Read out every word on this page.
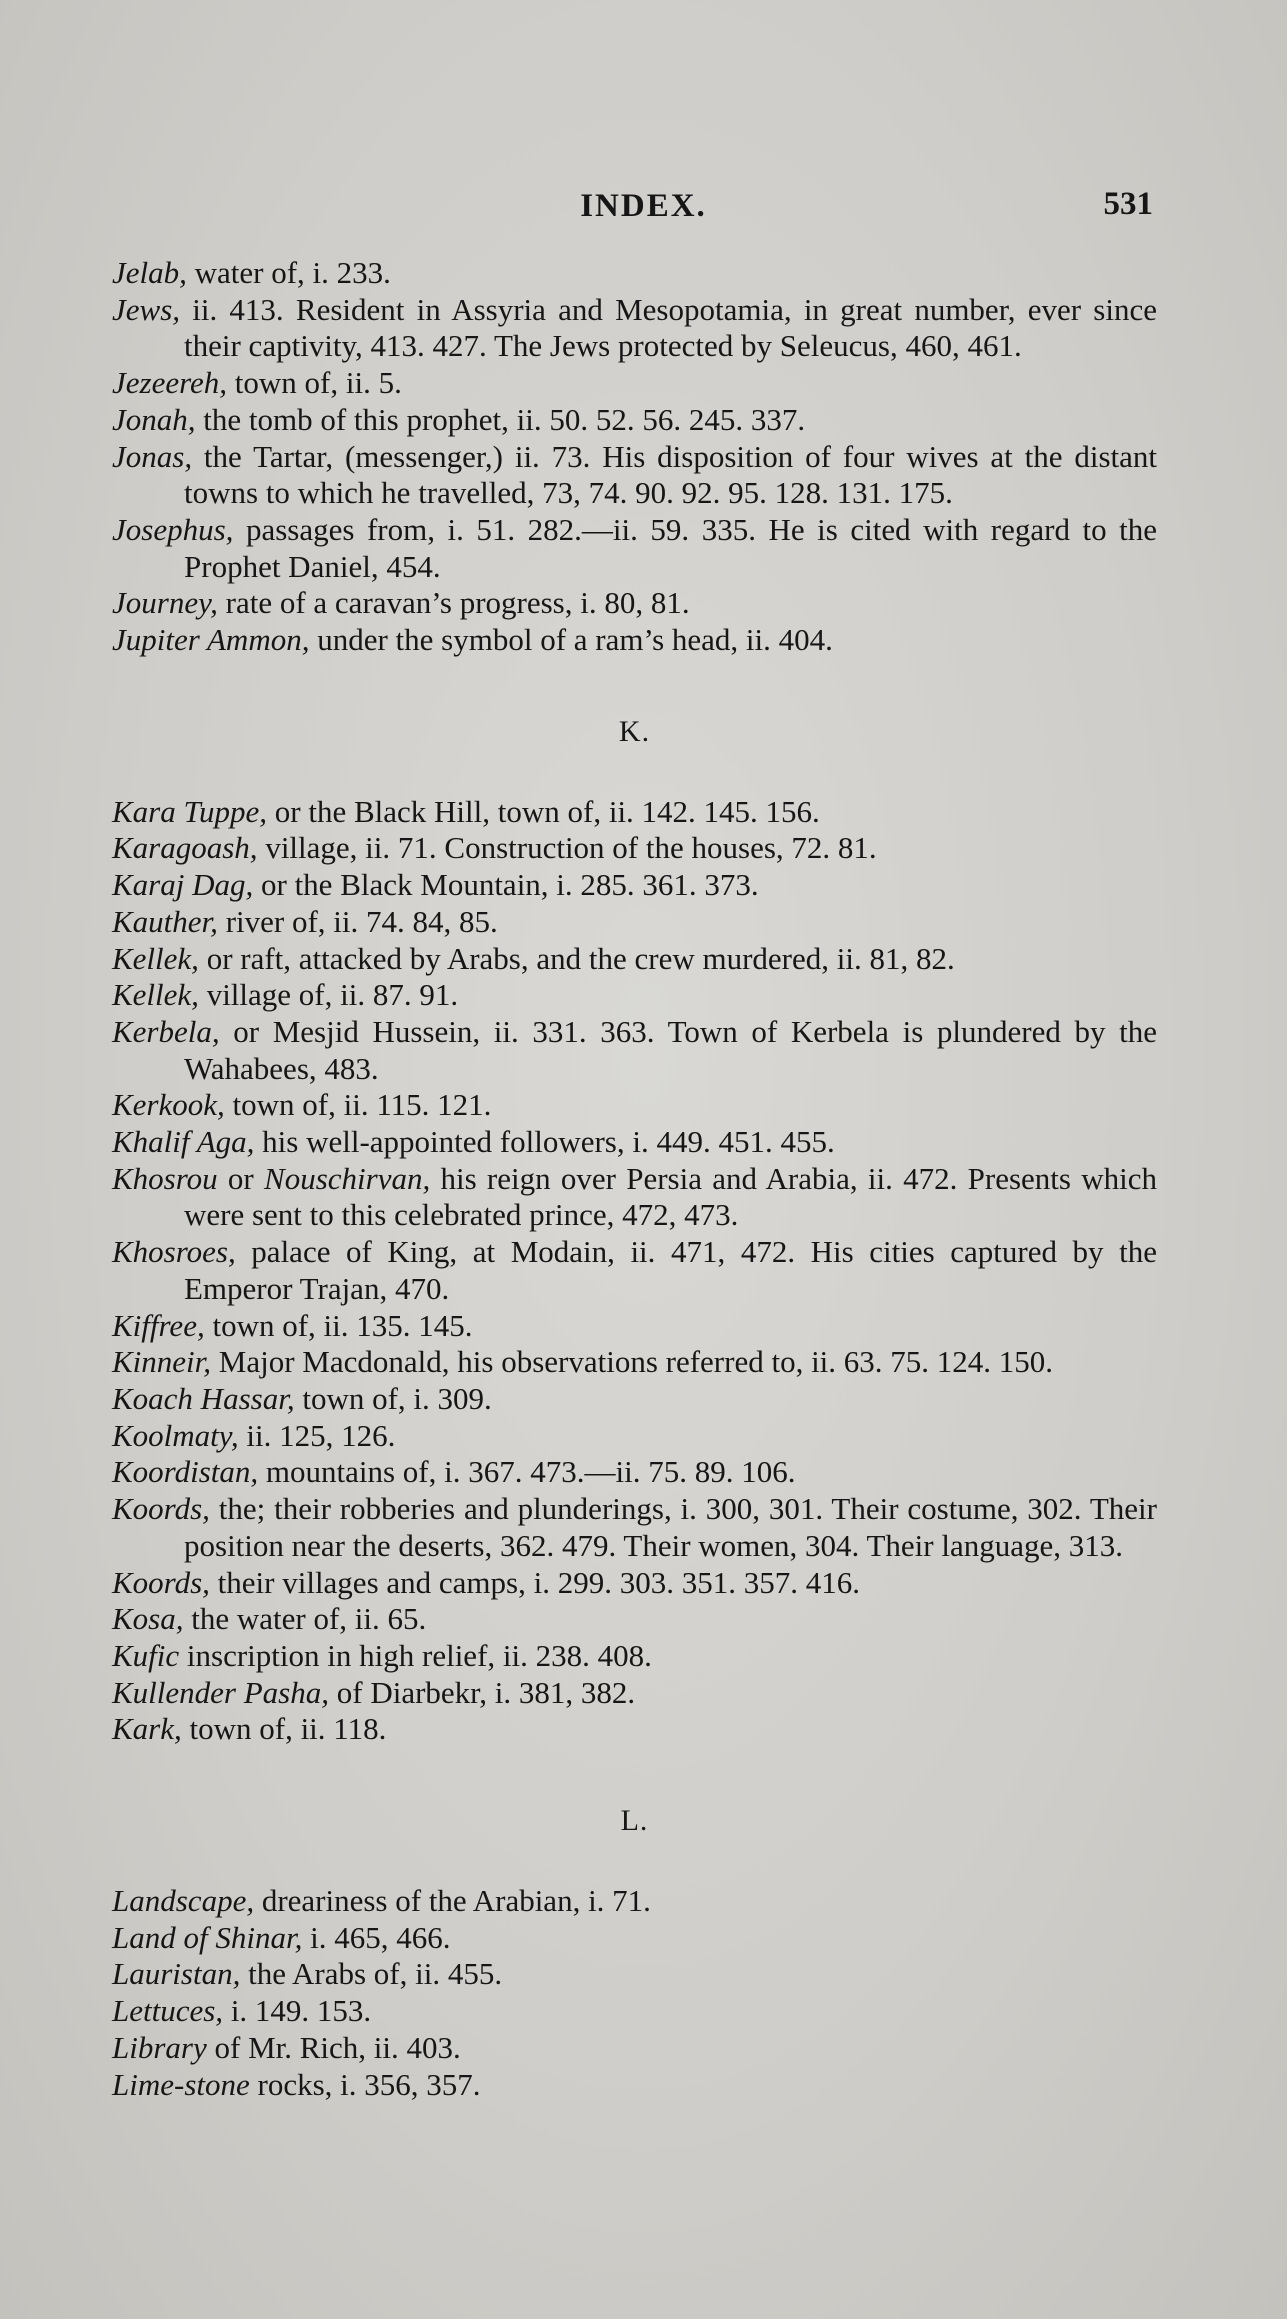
INDEX.	531

Jelab, water of, i. 233.

Jews, ii. 413. Resident in Assyria and Mesopotamia, in great number, ever since their captivity, 413. 427. The Jews protected by Seleucus, 460, 461.

Jezeereh, town of, ii. 5.

Jonah, the tomb of this prophet, ii. 50. 52. 56. 245. 337.

Jonas, the Tartar, (messenger,) ii. 73. His disposition of four wives at the distant towns to which he travelled, 73, 74. 90. 92. 95. 128. 131. 175.

Josephus, passages from, i. 51. 282.—ii. 59. 335. He is cited with regard to the Prophet Daniel, 454.

Journey, rate of a caravan’s progress, i. 80, 81.

Jupiter Ammon, under the symbol of a ram’s head, ii. 404.

K.

Kara Tuppe, or the Black Hill, town of, ii. 142. 145. 156.

Karagoash, village, ii. 71. Construction of the houses, 72. 81.

Karaj Dag, or the Black Mountain, i. 285. 361. 373.

Kauther, river of, ii. 74. 84, 85.

Kellek, or raft, attacked by Arabs, and the crew murdered, ii. 81, 82.

Kellek, village of, ii. 87. 91.

Kerbela, or Mesjid Hussein, ii. 331. 363. Town of Kerbela is plundered by the Wahabees, 483.

Kerkook, town of, ii. 115. 121.

Khalif Aga, his well-appointed followers, i. 449. 451. 455.

Khosrou or Nouschirvan, his reign over Persia and Arabia, ii. 472. Presents which were sent to this celebrated prince, 472, 473.

Khosroes, palace of King, at Modain, ii. 471, 472. His cities captured by the Emperor Trajan, 470.

Kiffree, town of, ii. 135. 145.

Kinneir, Major Macdonald, his observations referred to, ii. 63. 75. 124. 150.

Koach Hassar, town of, i. 309.

Koolmaty, ii. 125, 126.

Koordistan, mountains of, i. 367. 473.—ii. 75. 89. 106.

Koords, the; their robberies and plunderings, i. 300, 301. Their costume, 302. Their position near the deserts, 362. 479. Their women, 304. Their language, 313.

Koords, their villages and camps, i. 299. 303. 351. 357. 416.

Kosa, the water of, ii. 65.

Kufic inscription in high relief, ii. 238. 408.

Kullender Pasha, of Diarbekr, i. 381, 382.

Kark, town of, ii. 118.

L.

Landscape, dreariness of the Arabian, i. 71.

Land of Shinar, i. 465, 466.

Lauristan, the Arabs of, ii. 455.

Lettuces, i. 149. 153.

Library of Mr. Rich, ii. 403.

Lime-stone rocks, i. 356, 357.
